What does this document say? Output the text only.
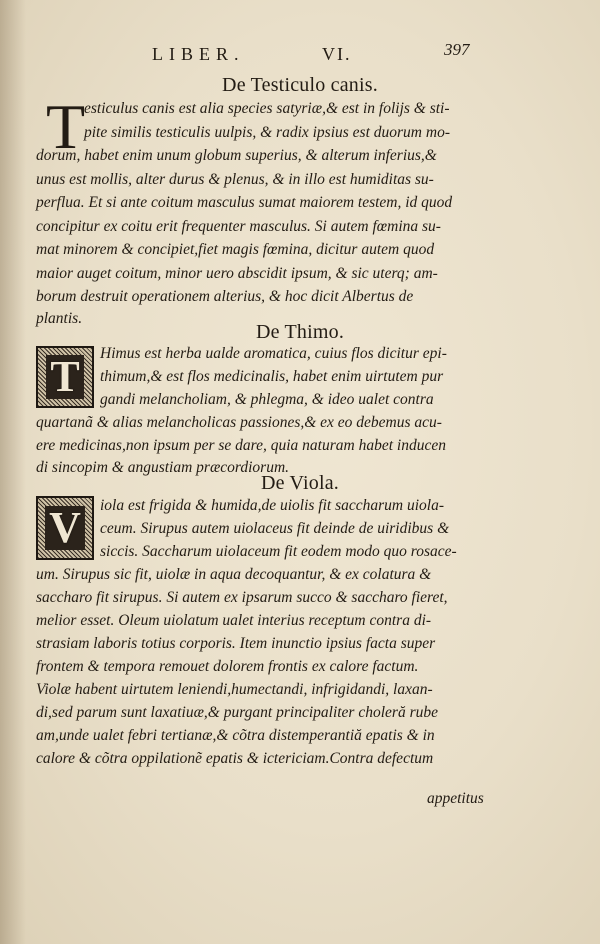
LIBER.	VI.	397
De Testiculo canis.
T
esticulus canis est alia species satyriæ,& est in folijs & sti-
pite similis testiculis uulpis, & radix ipsius est duorum mo-
dorum, habet enim unum globum superius, & alterum inferius,&
unus est mollis, alter durus & plenus, & in illo est humiditas su-
perflua. Et si ante coitum masculus sumat maiorem testem, id quod
concipitur ex coitu erit frequenter masculus. Si autem fœmina su-
mat minorem & concipiet,fiet magis fœmina, dicitur autem quod
maior auget coitum, minor uero abscidit ipsum, & sic uterq; am-
borum destruit operationem alterius, & hoc dicit Albertus de
plantis.
De Thimo.
T Himus est herba ualde aromatica, cuius flos dicitur epi-
thimum,& est flos medicinalis, habet enim uirtutem pur
gandi melancholiam, & phlegma, & ideo ualet contra
quartanã & alias melancholicas passiones,& ex eo debemus acu-
ere medicinas,non ipsum per se dare, quia naturam habet inducen
di sincopim & angustiam præcordiorum.
De Viola.
V iola est frigida & humida,de uiolis fit saccharum uiola-
ceum. Sirupus autem uiolaceus fit deinde de uiridibus &
siccis. Saccharum uiolaceum fit eodem modo quo rosace-
um. Sirupus sic fit, uiolæ in aqua decoquantur, & ex colatura &
saccharo fit sirupus. Si autem ex ipsarum succo & saccharo fieret,
melior esset. Oleum uiolatum ualet interius receptum contra di-
strasiam laboris totius corporis. Item inunctio ipsius facta super
frontem & tempora remouet dolorem frontis ex calore factum.
Violæ habent uirtutem leniendi,humectandi, infrigidandi, laxan-
di,sed parum sunt laxatiuæ,& purgant principaliter choleră rube
am,unde ualet febri tertianæ,& cõtra distemperantiă epatis & in
calore & cõtra oppilationẽ epatis & ictericiam.Contra defectum
appetitus
